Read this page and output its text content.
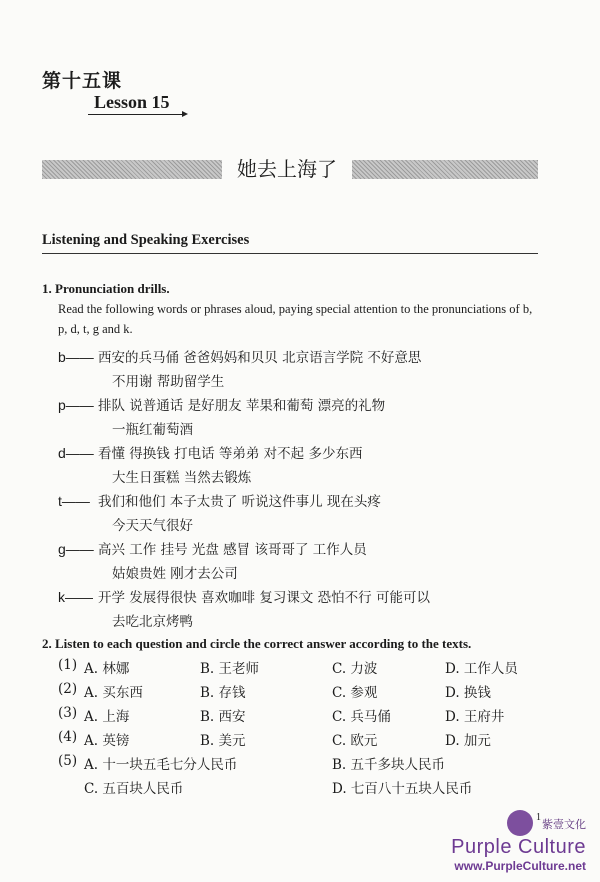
第十五课
Lesson 15
她去上海了
Listening and Speaking Exercises
1. Pronunciation drills.
Read the following words or phrases aloud, paying special attention to the pronunciations of b,
p, d, t, g and k.
b—— 西安的兵马俑 爸爸妈妈和贝贝 北京语言学院 不好意思
不用谢 帮助留学生
p—— 排队 说普通话 是好朋友 苹果和葡萄 漂亮的礼物
一瓶红葡萄酒
d—— 看懂 得换钱 打电话 等弟弟 对不起 多少东西
大生日蛋糕 当然去锻炼
t—— 我们和他们 本子太贵了 听说这件事儿 现在头疼
今天天气很好
g—— 高兴 工作 挂号 光盘 感冒 该哥哥了 工作人员
姑娘贵姓 刚才去公司
k—— 开学 发展得很快 喜欢咖啡 复习课文 恐怕不行 可能可以
去吃北京烤鸭
2. Listen to each question and circle the correct answer according to the texts.
(1) A. 林娜	B. 王老师	C. 力波	D. 工作人员
(2) A. 买东西	B. 存钱	C. 参观	D. 换钱
(3) A. 上海	B. 西安	C. 兵马俑	D. 王府井
(4) A. 英镑	B. 美元	C. 欧元	D. 加元
(5) A. 十一块五毛七分人民币	B. 五千多块人民币
C. 五百块人民币	D. 七百八十五块人民币
1 紫壹文化
Purple Culture
www.PurpleCulture.net
